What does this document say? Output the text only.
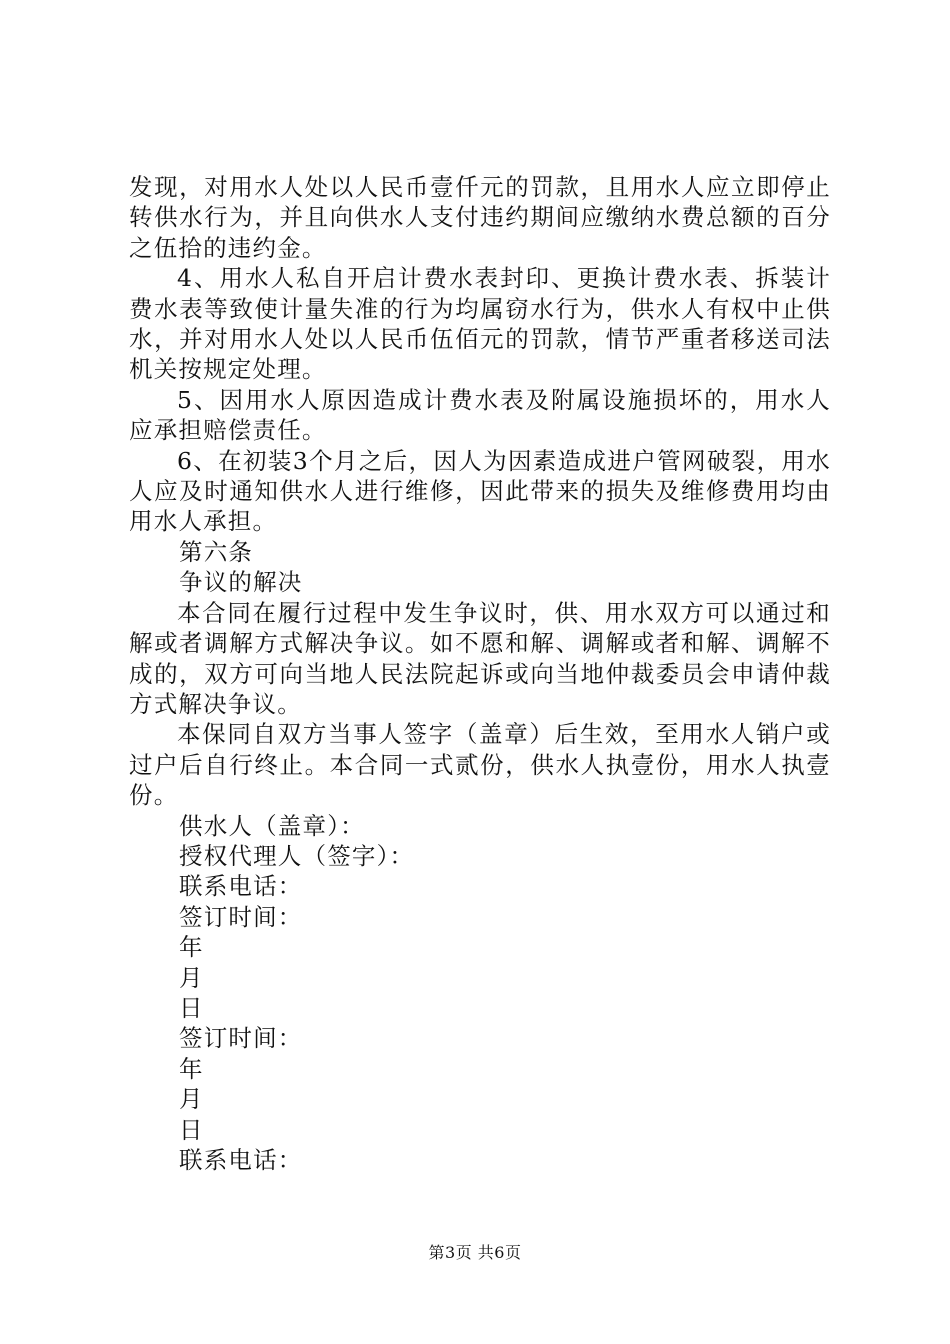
发现，对用水人处以人民币壹仟元的罚款，且用水人应立即停止转供水行为，并且向供水人支付违约期间应缴纳水费总额的百分之伍拾的违约金。

4、用水人私自开启计费水表封印、更换计费水表、拆装计费水表等致使计量失准的行为均属窃水行为，供水人有权中止供水，并对用水人处以人民币伍佰元的罚款，情节严重者移送司法机关按规定处理。

5、因用水人原因造成计费水表及附属设施损坏的，用水人应承担赔偿责任。

6、在初装3个月之后，因人为因素造成进户管网破裂，用水人应及时通知供水人进行维修，因此带来的损失及维修费用均由用水人承担。

第六条

争议的解决

本合同在履行过程中发生争议时，供、用水双方可以通过和解或者调解方式解决争议。如不愿和解、调解或者和解、调解不成的，双方可向当地人民法院起诉或向当地仲裁委员会申请仲裁方式解决争议。

本保同自双方当事人签字（盖章）后生效，至用水人销户或过户后自行终止。本合同一式贰份，供水人执壹份，用水人执壹份。

供水人（盖章）：

授权代理人（签字）：

联系电话：

签订时间：

年

月

日

签订时间：

年

月

日

联系电话：

第3页 共6页
